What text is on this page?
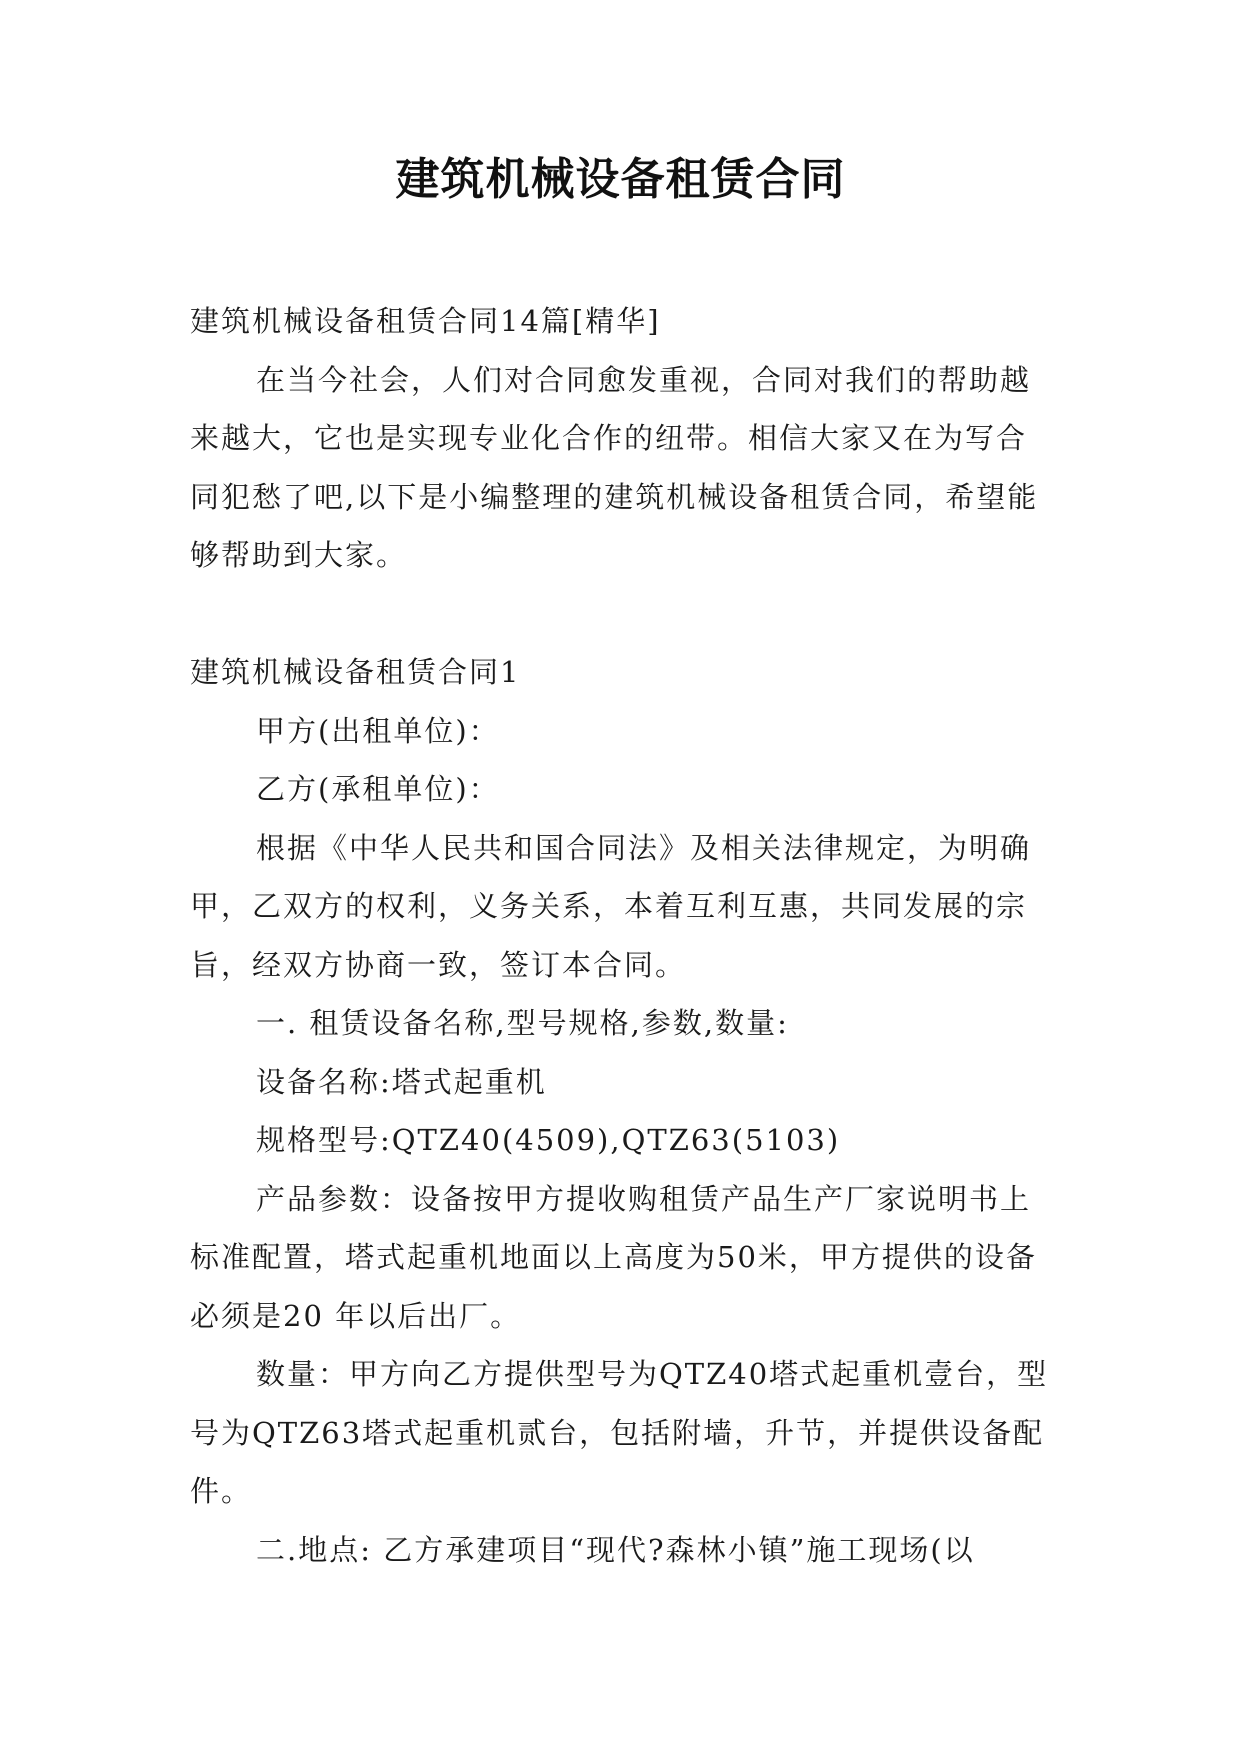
建筑机械设备租赁合同

建筑机械设备租赁合同14篇[精华]

在当今社会，人们对合同愈发重视，合同对我们的帮助越来越大，它也是实现专业化合作的纽带。相信大家又在为写合同犯愁了吧,以下是小编整理的建筑机械设备租赁合同，希望能够帮助到大家。

建筑机械设备租赁合同1

甲方(出租单位)：

乙方(承租单位)：

根据《中华人民共和国合同法》及相关法律规定，为明确甲，乙双方的权利，义务关系，本着互利互惠，共同发展的宗旨，经双方协商一致，签订本合同。

一. 租赁设备名称,型号规格,参数,数量:

设备名称:塔式起重机

规格型号:QTZ40(4509),QTZ63(5103)

产品参数：设备按甲方提收购租赁产品生产厂家说明书上标准配置，塔式起重机地面以上高度为50米，甲方提供的设备必须是20 年以后出厂。

数量：甲方向乙方提供型号为QTZ40塔式起重机壹台，型号为QTZ63塔式起重机贰台，包括附墙，升节，并提供设备配件。

二.地点: 乙方承建项目“现代?森林小镇”施工现场(以
